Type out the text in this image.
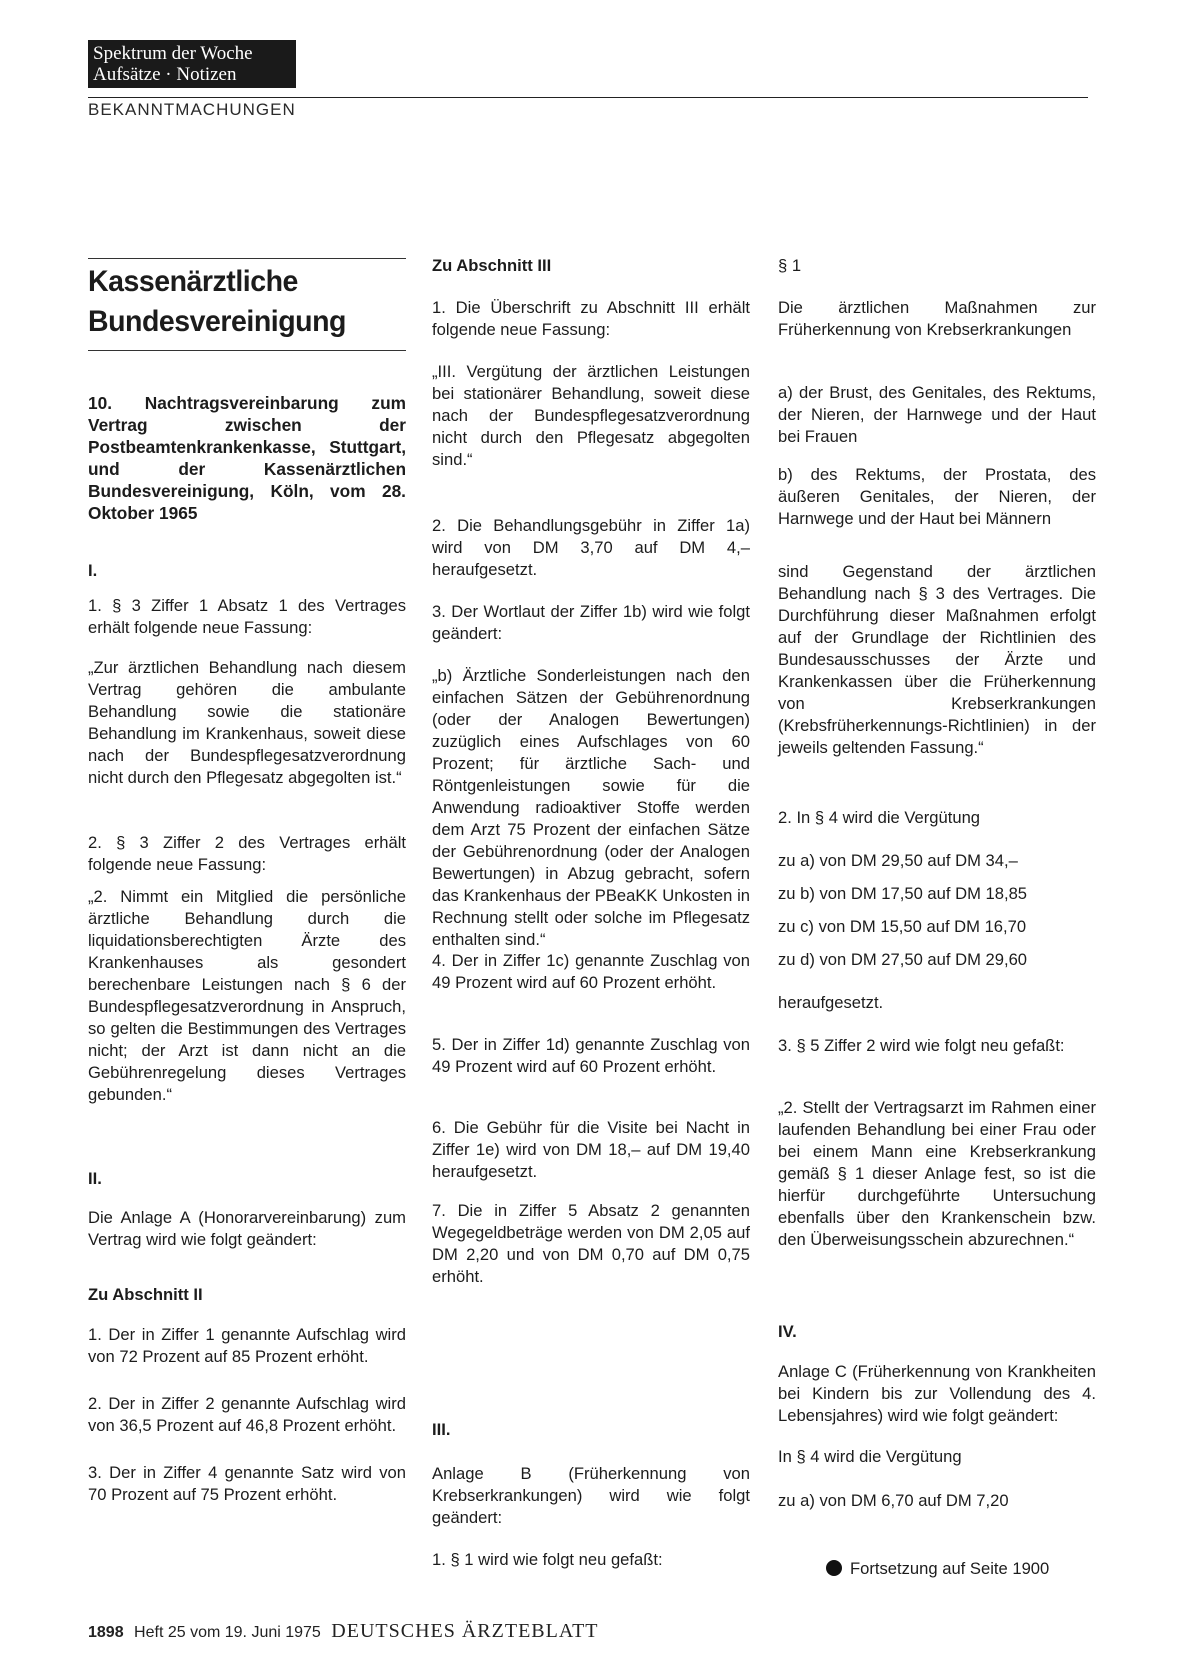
Spektrum der Woche
Aufsätze · Notizen
BEKANNTMACHUNGEN
Kassenärztliche
Bundesvereinigung
10. Nachtragsvereinbarung zum Vertrag zwischen der Postbeamtenkrankenkasse, Stuttgart, und der Kassenärztlichen Bundesvereinigung, Köln, vom 28. Oktober 1965

I.

1. § 3 Ziffer 1 Absatz 1 des Vertrages erhält folgende neue Fassung:

„Zur ärztlichen Behandlung nach diesem Vertrag gehören die ambulante Behandlung sowie die stationäre Behandlung im Krankenhaus, soweit diese nach der Bundespflegesatzverordnung nicht durch den Pflegesatz abgegolten ist.“

2. § 3 Ziffer 2 des Vertrages erhält folgende neue Fassung:

„2. Nimmt ein Mitglied die persönliche ärztliche Behandlung durch die liquidationsberechtigten Ärzte des Krankenhauses als gesondert berechenbare Leistungen nach § 6 der Bundespflegesatzverordnung in Anspruch, so gelten die Bestimmungen des Vertrages nicht; der Arzt ist dann nicht an die Gebührenregelung dieses Vertrages gebunden.“

II.

Die Anlage A (Honorarvereinbarung) zum Vertrag wird wie folgt geändert:

Zu Abschnitt II

1. Der in Ziffer 1 genannte Aufschlag wird von 72 Prozent auf 85 Prozent erhöht.

2. Der in Ziffer 2 genannte Aufschlag wird von 36,5 Prozent auf 46,8 Prozent erhöht.

3. Der in Ziffer 4 genannte Satz wird von 70 Prozent auf 75 Prozent erhöht.

Zu Abschnitt III

1. Die Überschrift zu Abschnitt III erhält folgende neue Fassung:

„III. Vergütung der ärztlichen Leistungen bei stationärer Behandlung, soweit diese nach der Bundespflegesatzverordnung nicht durch den Pflegesatz abgegolten sind.“

2. Die Behandlungsgebühr in Ziffer 1a) wird von DM 3,70 auf DM 4,– heraufgesetzt.

3. Der Wortlaut der Ziffer 1b) wird wie folgt geändert:

„b) Ärztliche Sonderleistungen nach den einfachen Sätzen der Gebührenordnung (oder der Analogen Bewertungen) zuzüglich eines Aufschlages von 60 Prozent; für ärztliche Sach- und Röntgenleistungen sowie für die Anwendung radioaktiver Stoffe werden dem Arzt 75 Prozent der einfachen Sätze der Gebührenordnung (oder der Analogen Bewertungen) in Abzug gebracht, sofern das Krankenhaus der PBeaKK Unkosten in Rechnung stellt oder solche im Pflegesatz enthalten sind.“

4. Der in Ziffer 1c) genannte Zuschlag von 49 Prozent wird auf 60 Prozent erhöht.

5. Der in Ziffer 1d) genannte Zuschlag von 49 Prozent wird auf 60 Prozent erhöht.

6. Die Gebühr für die Visite bei Nacht in Ziffer 1e) wird von DM 18,– auf DM 19,40 heraufgesetzt.

7. Die in Ziffer 5 Absatz 2 genannten Wegegeldbeträge werden von DM 2,05 auf DM 2,20 und von DM 0,70 auf DM 0,75 erhöht.

III.

Anlage B (Früherkennung von Krebserkrankungen) wird wie folgt geändert:

1. § 1 wird wie folgt neu gefaßt:

§ 1

Die ärztlichen Maßnahmen zur Früherkennung von Krebserkrankungen

a) der Brust, des Genitales, des Rektums, der Nieren, der Harnwege und der Haut bei Frauen

b) des Rektums, der Prostata, des äußeren Genitales, der Nieren, der Harnwege und der Haut bei Männern

sind Gegenstand der ärztlichen Behandlung nach § 3 des Vertrages. Die Durchführung dieser Maßnahmen erfolgt auf der Grundlage der Richtlinien des Bundesausschusses der Ärzte und Krankenkassen über die Früherkennung von Krebserkrankungen (Krebsfrüherkennungs-Richtlinien) in der jeweils geltenden Fassung.“

2. In § 4 wird die Vergütung

zu a) von DM 29,50 auf DM 34,–

zu b) von DM 17,50 auf DM 18,85

zu c) von DM 15,50 auf DM 16,70

zu d) von DM 27,50 auf DM 29,60

heraufgesetzt.

3. § 5 Ziffer 2 wird wie folgt neu gefaßt:

„2. Stellt der Vertragsarzt im Rahmen einer laufenden Behandlung bei einer Frau oder bei einem Mann eine Krebserkrankung gemäß § 1 dieser Anlage fest, so ist die hierfür durchgeführte Untersuchung ebenfalls über den Krankenschein bzw. den Überweisungsschein abzurechnen.“

IV.

Anlage C (Früherkennung von Krankheiten bei Kindern bis zur Vollendung des 4. Lebensjahres) wird wie folgt geändert:

In § 4 wird die Vergütung

zu a) von DM 6,70 auf DM 7,20

Fortsetzung auf Seite 1900
1898 Heft 25 vom 19. Juni 1975 DEUTSCHES ÄRZTEBLATT
